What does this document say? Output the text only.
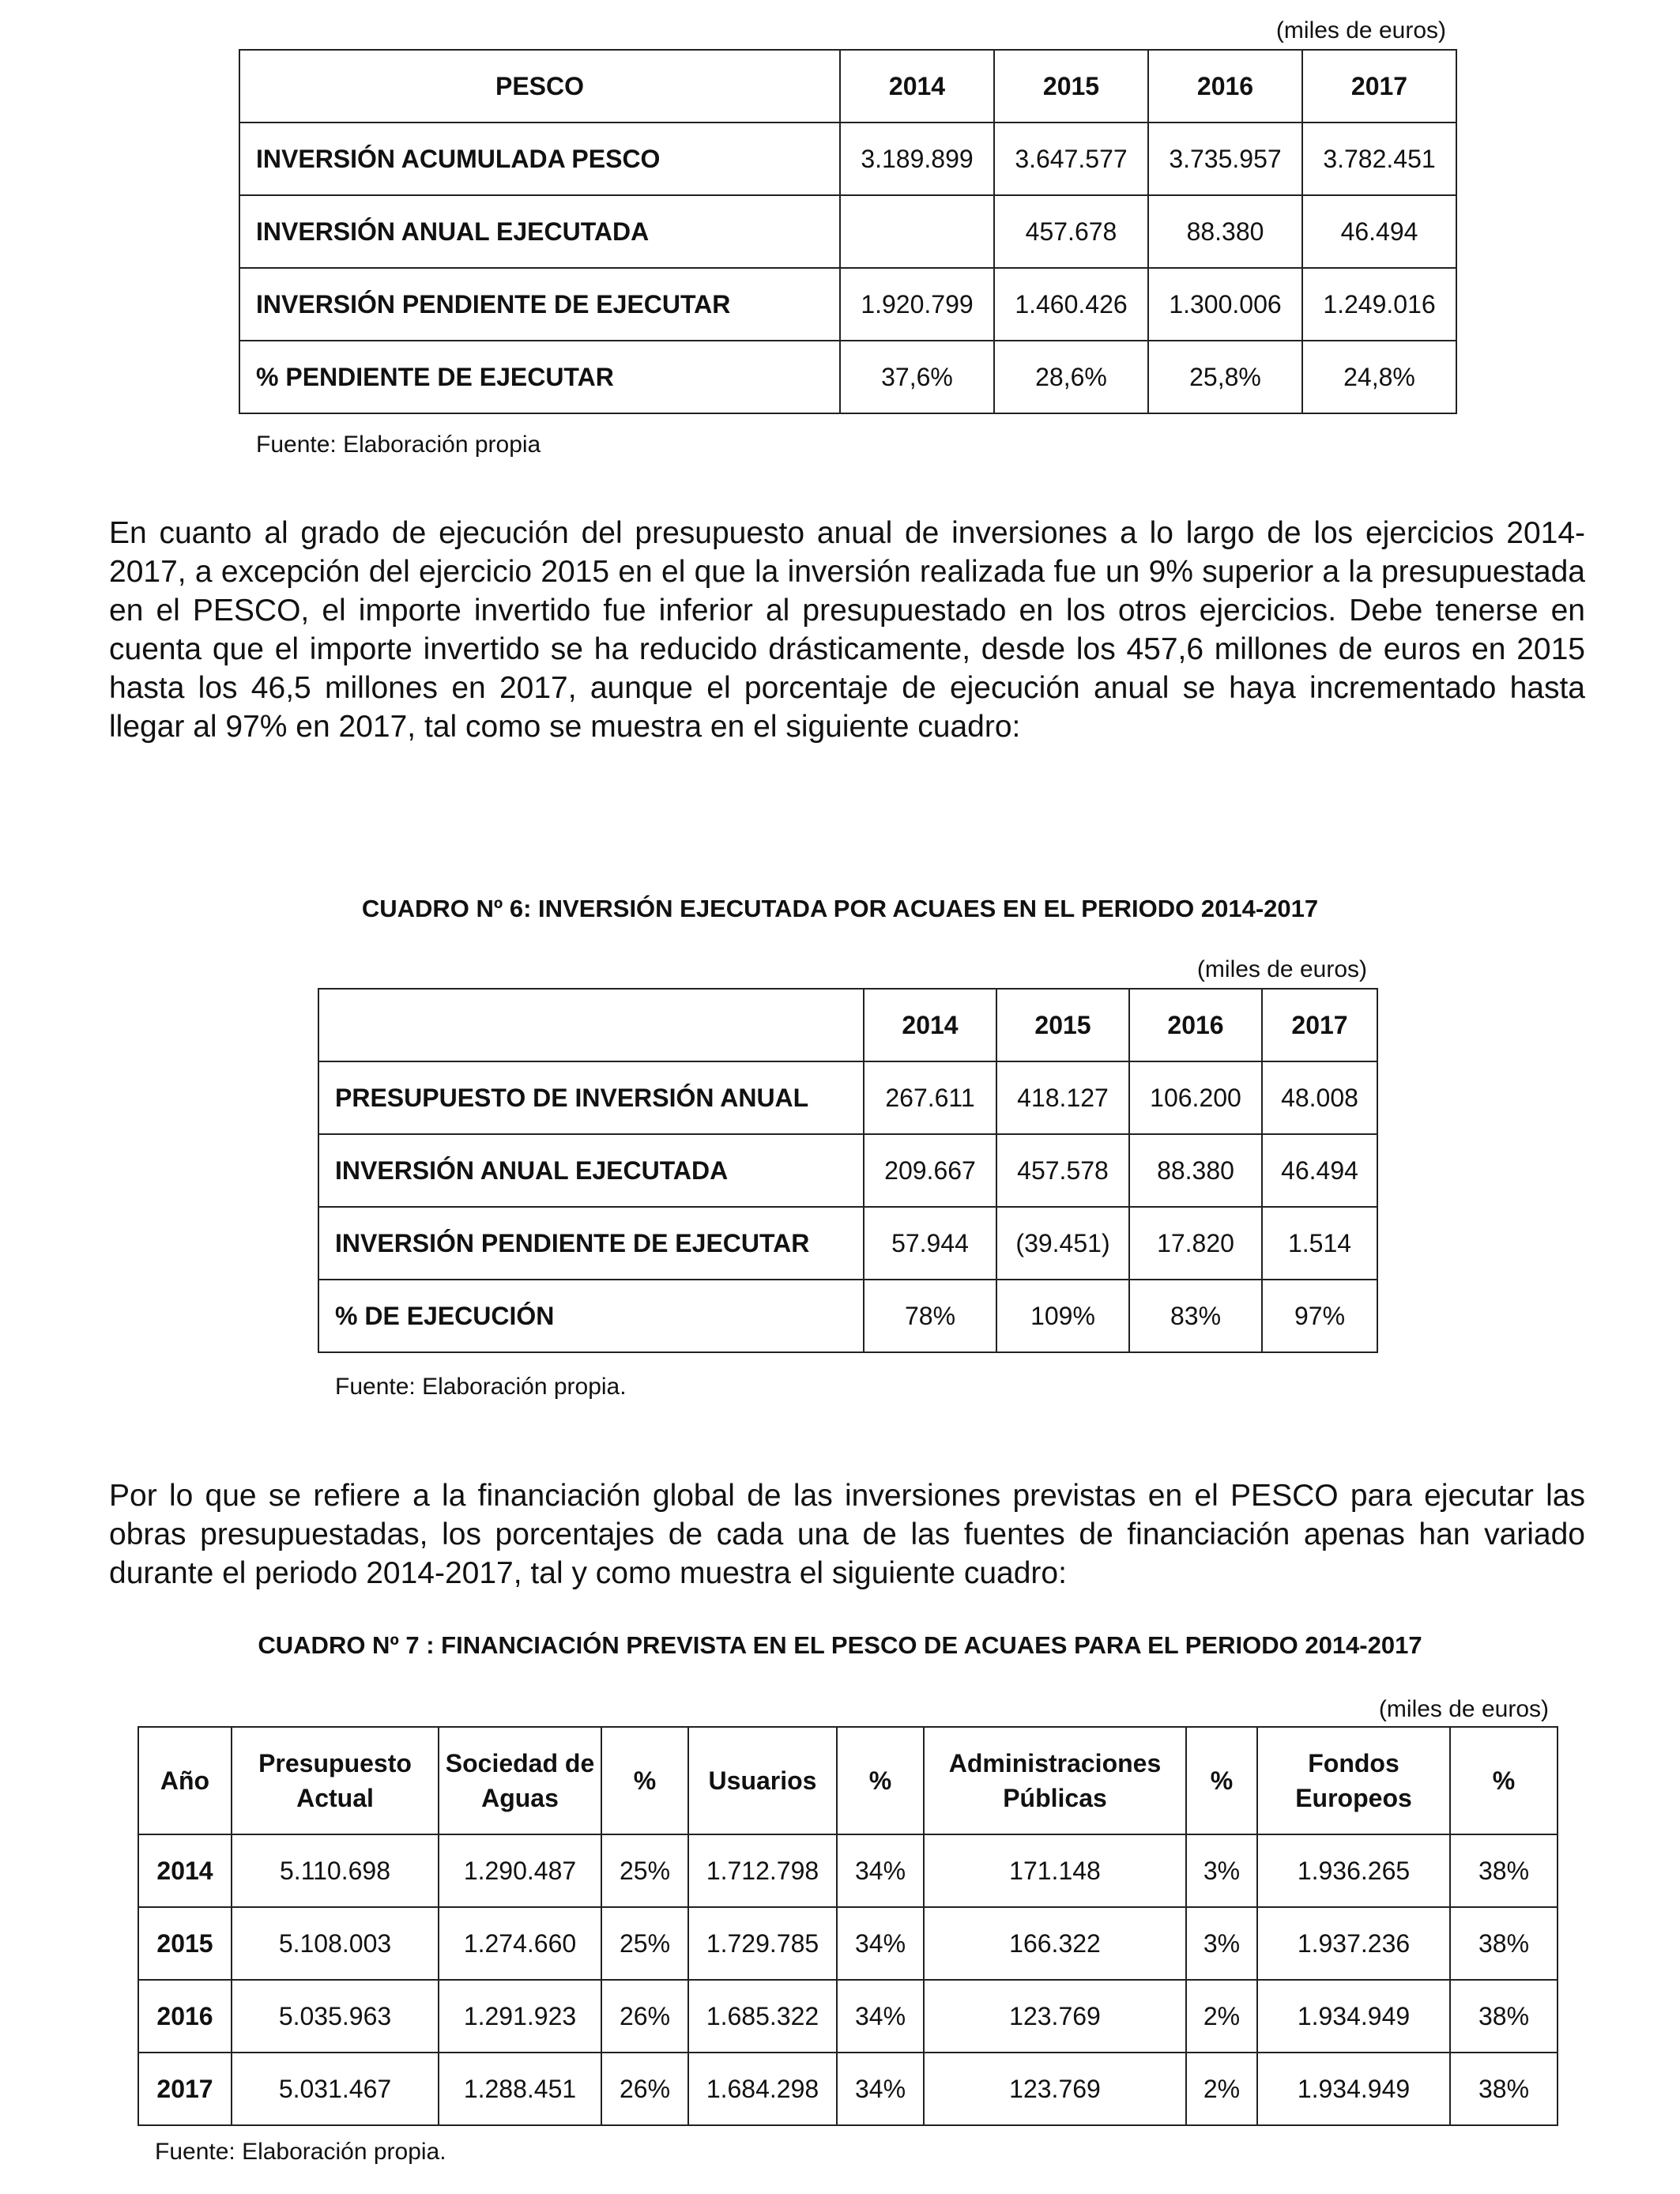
(miles de euros)
PESCO	2014	2015	2016	2017
INVERSIÓN ACUMULADA PESCO	3.189.899	3.647.577	3.735.957	3.782.451
INVERSIÓN ANUAL EJECUTADA		457.678	88.380	46.494
INVERSIÓN PENDIENTE DE EJECUTAR	1.920.799	1.460.426	1.300.006	1.249.016
% PENDIENTE DE EJECUTAR	37,6%	28,6%	25,8%	24,8%
Fuente: Elaboración propia

En cuanto al grado de ejecución del presupuesto anual de inversiones a lo largo de los ejercicios 2014-2017, a excepción del ejercicio 2015 en el que la inversión realizada fue un 9% superior a la presupuestada en el PESCO, el importe invertido fue inferior al presupuestado en los otros ejercicios. Debe tenerse en cuenta que el importe invertido se ha reducido drásticamente, desde los 457,6 millones de euros en 2015 hasta los 46,5 millones en 2017, aunque el porcentaje de ejecución anual se haya incrementado hasta llegar al 97% en 2017, tal como se muestra en el siguiente cuadro:

CUADRO Nº 6: INVERSIÓN EJECUTADA POR ACUAES EN EL PERIODO 2014-2017
(miles de euros)
	2014	2015	2016	2017
PRESUPUESTO DE INVERSIÓN ANUAL	267.611	418.127	106.200	48.008
INVERSIÓN ANUAL EJECUTADA	209.667	457.578	88.380	46.494
INVERSIÓN PENDIENTE DE EJECUTAR	57.944	(39.451)	17.820	1.514
% DE EJECUCIÓN	78%	109%	83%	97%
Fuente: Elaboración propia.

Por lo que se refiere a la financiación global de las inversiones previstas en el PESCO para ejecutar las obras presupuestadas, los porcentajes de cada una de las fuentes de financiación apenas han variado durante el periodo 2014-2017, tal y como muestra el siguiente cuadro:

CUADRO Nº 7 : FINANCIACIÓN PREVISTA EN EL PESCO DE ACUAES PARA EL PERIODO 2014-2017
(miles de euros)
Año	Presupuesto Actual	Sociedad de Aguas	%	Usuarios	%	Administraciones Públicas	%	Fondos Europeos	%
2014	5.110.698	1.290.487	25%	1.712.798	34%	171.148	3%	1.936.265	38%
2015	5.108.003	1.274.660	25%	1.729.785	34%	166.322	3%	1.937.236	38%
2016	5.035.963	1.291.923	26%	1.685.322	34%	123.769	2%	1.934.949	38%
2017	5.031.467	1.288.451	26%	1.684.298	34%	123.769	2%	1.934.949	38%
Fuente: Elaboración propia.
